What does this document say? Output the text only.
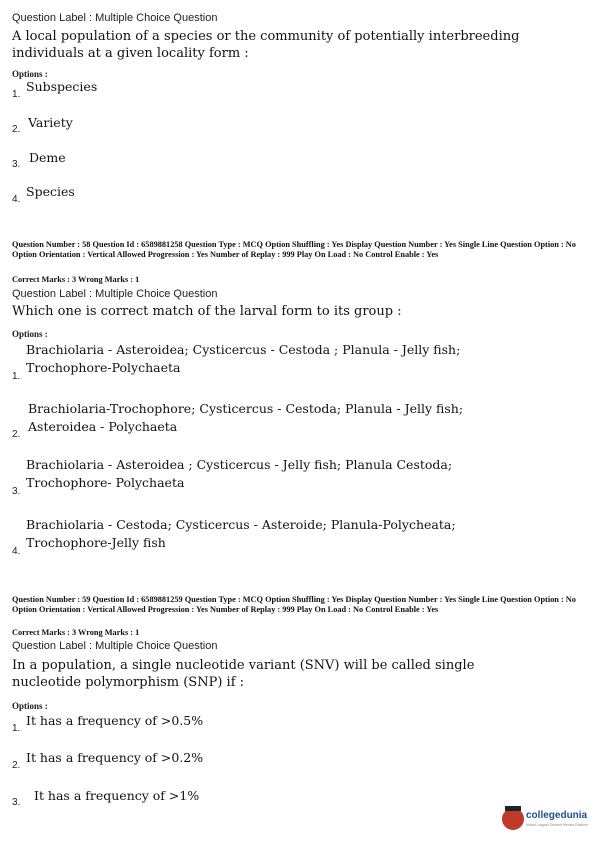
Question Label : Multiple Choice Question
A local population of a species or the community of potentially interbreeding individuals at a given locality form :
Options :
1.
Subspecies
2. Variety
3. Deme
4.
Species
Question Number : 58 Question Id : 6589881258 Question Type : MCQ Option Shuffling : Yes Display Question Number : Yes Single Line Question Option : No Option Orientation : Vertical Allowed Progression : Yes Number of Replay : 999 Play On Load : No Control Enable : Yes
Correct Marks : 3 Wrong Marks : 1
Question Label : Multiple Choice Question
Which one is correct match of the larval form to its group :
Options :
1.
Brachiolaria - Asteroidea; Cysticercus - Cestoda ; Planula - Jelly fish; Trochophore-Polychaeta
2.
Brachiolaria-Trochophore; Cysticercus - Cestoda; Planula - Jelly fish; Asteroidea - Polychaeta
3.
Brachiolaria - Asteroidea ; Cysticercus - Jelly fish; Planula Cestoda; Trochophore- Polychaeta
4.
Brachiolaria - Cestoda; Cysticercus - Asteroide; Planula-Polycheata; Trochophore-Jelly fish
Question Number : 59 Question Id : 6589881259 Question Type : MCQ Option Shuffling : Yes Display Question Number : Yes Single Line Question Option : No Option Orientation : Vertical Allowed Progression : Yes Number of Replay : 999 Play On Load : No Control Enable : Yes
Correct Marks : 3 Wrong Marks : 1
Question Label : Multiple Choice Question
In a population, a single nucleotide variant (SNV) will be called single nucleotide polymorphism (SNP) if :
Options :
1.
It has a frequency of >0.5%
2.
It has a frequency of >0.2%
3. It has a frequency of >1%
collegedunia
India's Largest Student Review Platform
